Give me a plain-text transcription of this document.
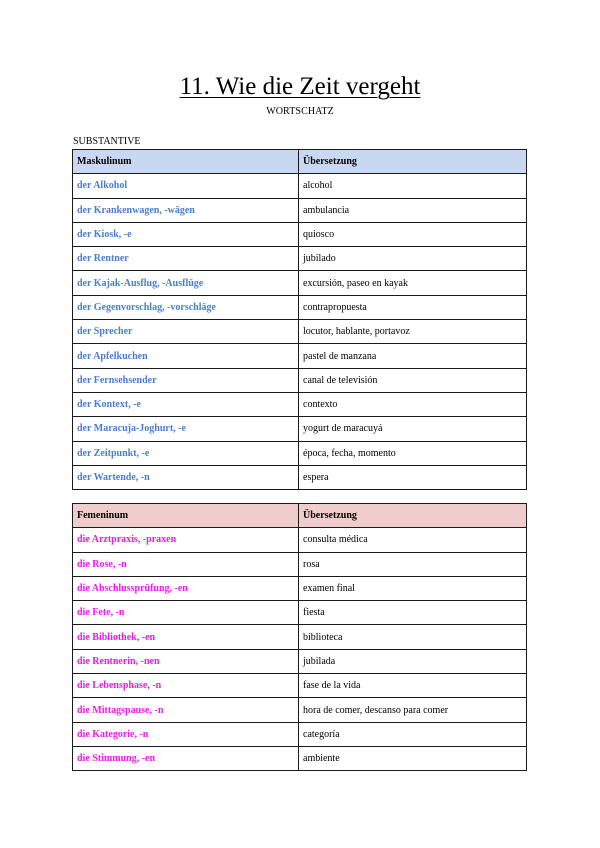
11. Wie die Zeit vergeht
WORTSCHATZ
SUBSTANTIVE
Maskulinum	Übersetzung
der Alkohol	alcohol
der Krankenwagen, -wägen	ambulancia
der Kiosk, -e	quiosco
der Rentner	jubilado
der Kajak-Ausflug, -Ausflüge	excursión, paseo en kayak
der Gegenvorschlag, -vorschläge	contrapropuesta
der Sprecher	locutor, hablante, portavoz
der Apfelkuchen	pastel de manzana
der Fernsehsender	canal de televisión
der Kontext, -e	contexto
der Maracuja-Joghurt, -e	yogurt de maracuyá
der Zeitpunkt, -e	época, fecha, momento
der Wartende, -n	espera
Femeninum	Übersetzung
die Arztpraxis, -praxen	consulta médica
die Rose, -n	rosa
die Abschlussprüfung, -en	examen final
die Fete, -n	fiesta
die Bibliothek, -en	biblioteca
die Rentnerin, -nen	jubilada
die Lebensphase, -n	fase de la vida
die Mittagspause, -n	hora de comer, descanso para comer
die Kategorie, -n	categoría
die Stimmung, -en	ambiente
